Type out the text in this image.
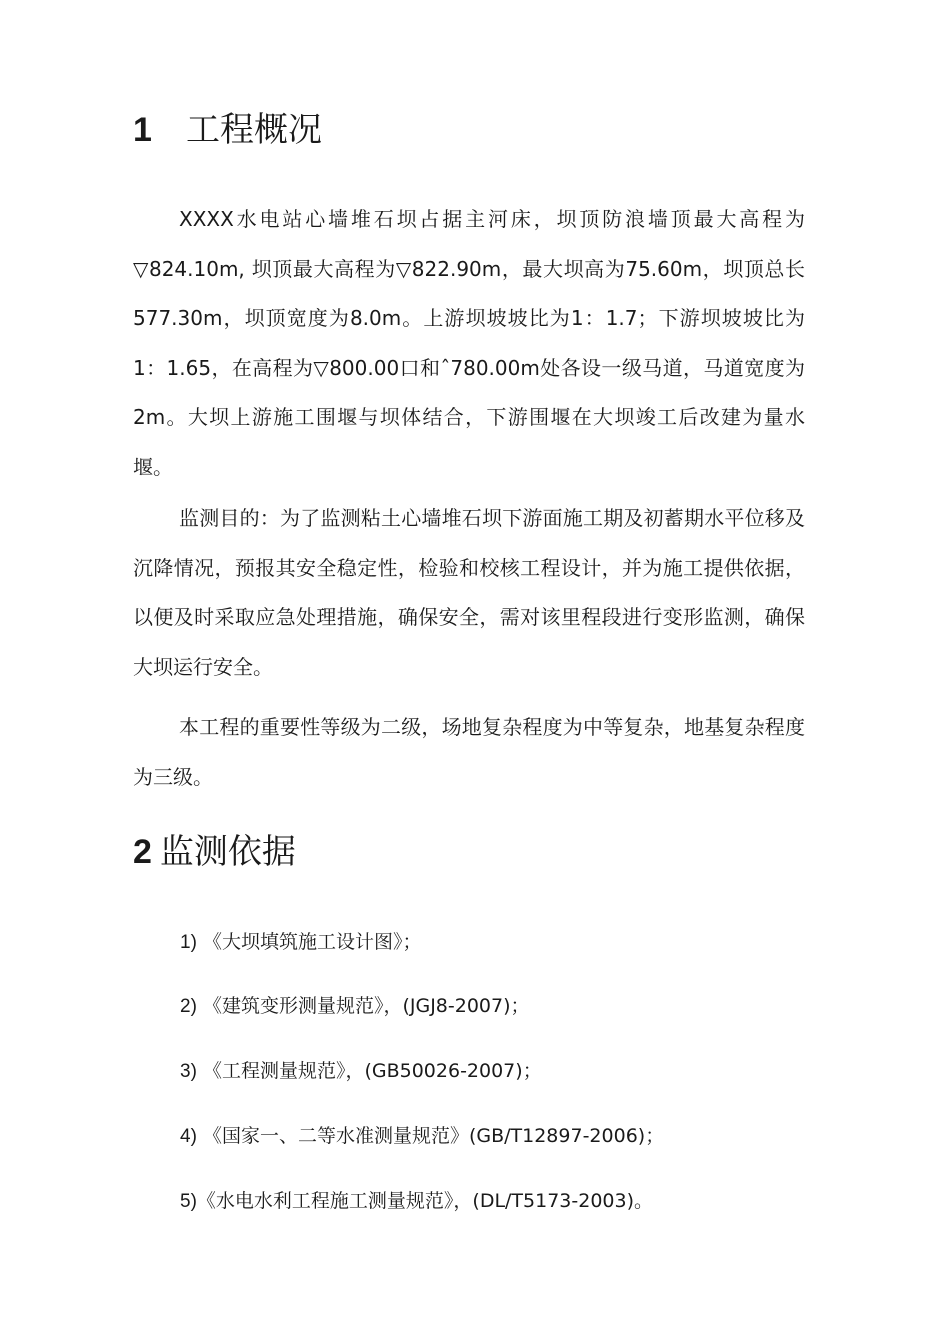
1 工程概况

XXXX水电站心墙堆石坝占据主河床，坝顶防浪墙顶最大高程为▽824.10m, 坝顶最大高程为▽822.90m，最大坝高为75.60m，坝顶总长577.30m，坝顶宽度为8.0m。上游坝坡坡比为1：1.7；下游坝坡坡比为1：1.65，在高程为▽800.00口和ˆ780.00m处各设一级马道，马道宽度为2m。大坝上游施工围堰与坝体结合，下游围堰在大坝竣工后改建为量水堰。

监测目的：为了监测粘土心墙堆石坝下游面施工期及初蓄期水平位移及沉降情况，预报其安全稳定性，检验和校核工程设计，并为施工提供依据，以便及时采取应急处理措施，确保安全，需对该里程段进行变形监测，确保大坝运行安全。

本工程的重要性等级为二级，场地复杂程度为中等复杂，地基复杂程度为三级。

2 监测依据

1) 《大坝填筑施工设计图》；

2) 《建筑变形测量规范》，(JGJ8-2007)；

3) 《工程测量规范》，(GB50026-2007)；

4) 《国家一、二等水准测量规范》(GB/T12897-2006)；

5)《水电水利工程施工测量规范》，(DL/T5173-2003)。
